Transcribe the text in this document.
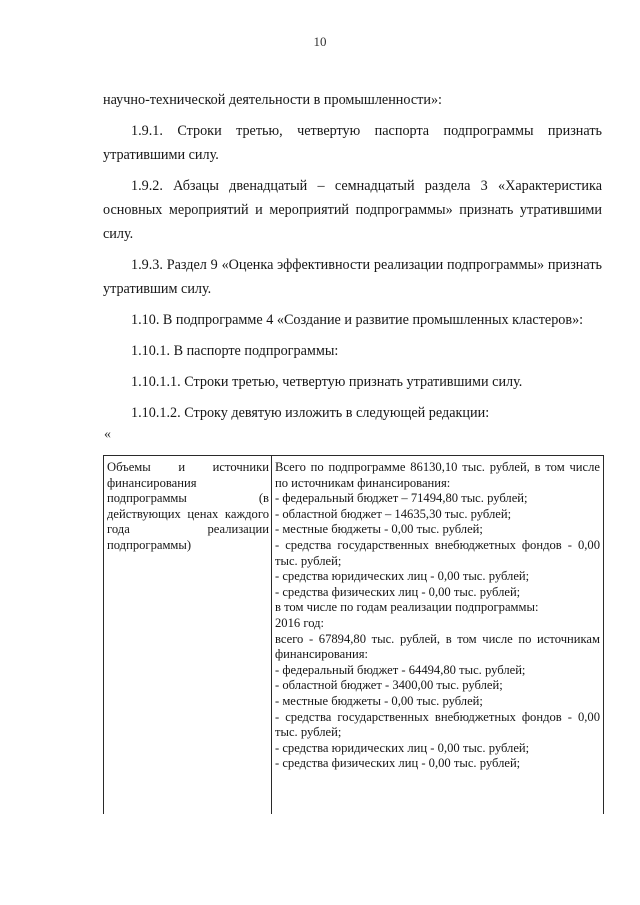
10

научно-технической деятельности в промышленности»:

1.9.1. Строки третью, четвертую паспорта подпрограммы признать утратившими силу.

1.9.2. Абзацы двенадцатый – семнадцатый раздела 3 «Характеристика основных мероприятий и мероприятий подпрограммы» признать утратившими силу.

1.9.3. Раздел 9 «Оценка эффективности реализации подпрограммы» признать утратившим силу.

1.10. В подпрограмме 4 «Создание и развитие промышленных кластеров»:

1.10.1. В паспорте подпрограммы:

1.10.1.1. Строки третью, четвертую признать утратившими силу.

1.10.1.2. Строку девятую изложить в следующей редакции:

«
Объемы и источники финансирования подпрограммы (в действующих ценах каждого года реализации подпрограммы)
Всего по подпрограмме 86130,10 тыс. рублей, в том числе по источникам финансирования:
- федеральный бюджет – 71494,80 тыс. рублей;
- областной бюджет – 14635,30 тыс. рублей;
- местные бюджеты - 0,00 тыс. рублей;
- средства государственных внебюджетных фондов - 0,00 тыс. рублей;
- средства юридических лиц - 0,00 тыс. рублей;
- средства физических лиц - 0,00 тыс. рублей;
в том числе по годам реализации подпрограммы:
2016 год:
всего - 67894,80 тыс. рублей, в том числе по источникам финансирования:
- федеральный бюджет - 64494,80 тыс. рублей;
- областной бюджет - 3400,00 тыс. рублей;
- местные бюджеты - 0,00 тыс. рублей;
- средства государственных внебюджетных фондов - 0,00 тыс. рублей;
- средства юридических лиц - 0,00 тыс. рублей;
- средства физических лиц - 0,00 тыс. рублей;
